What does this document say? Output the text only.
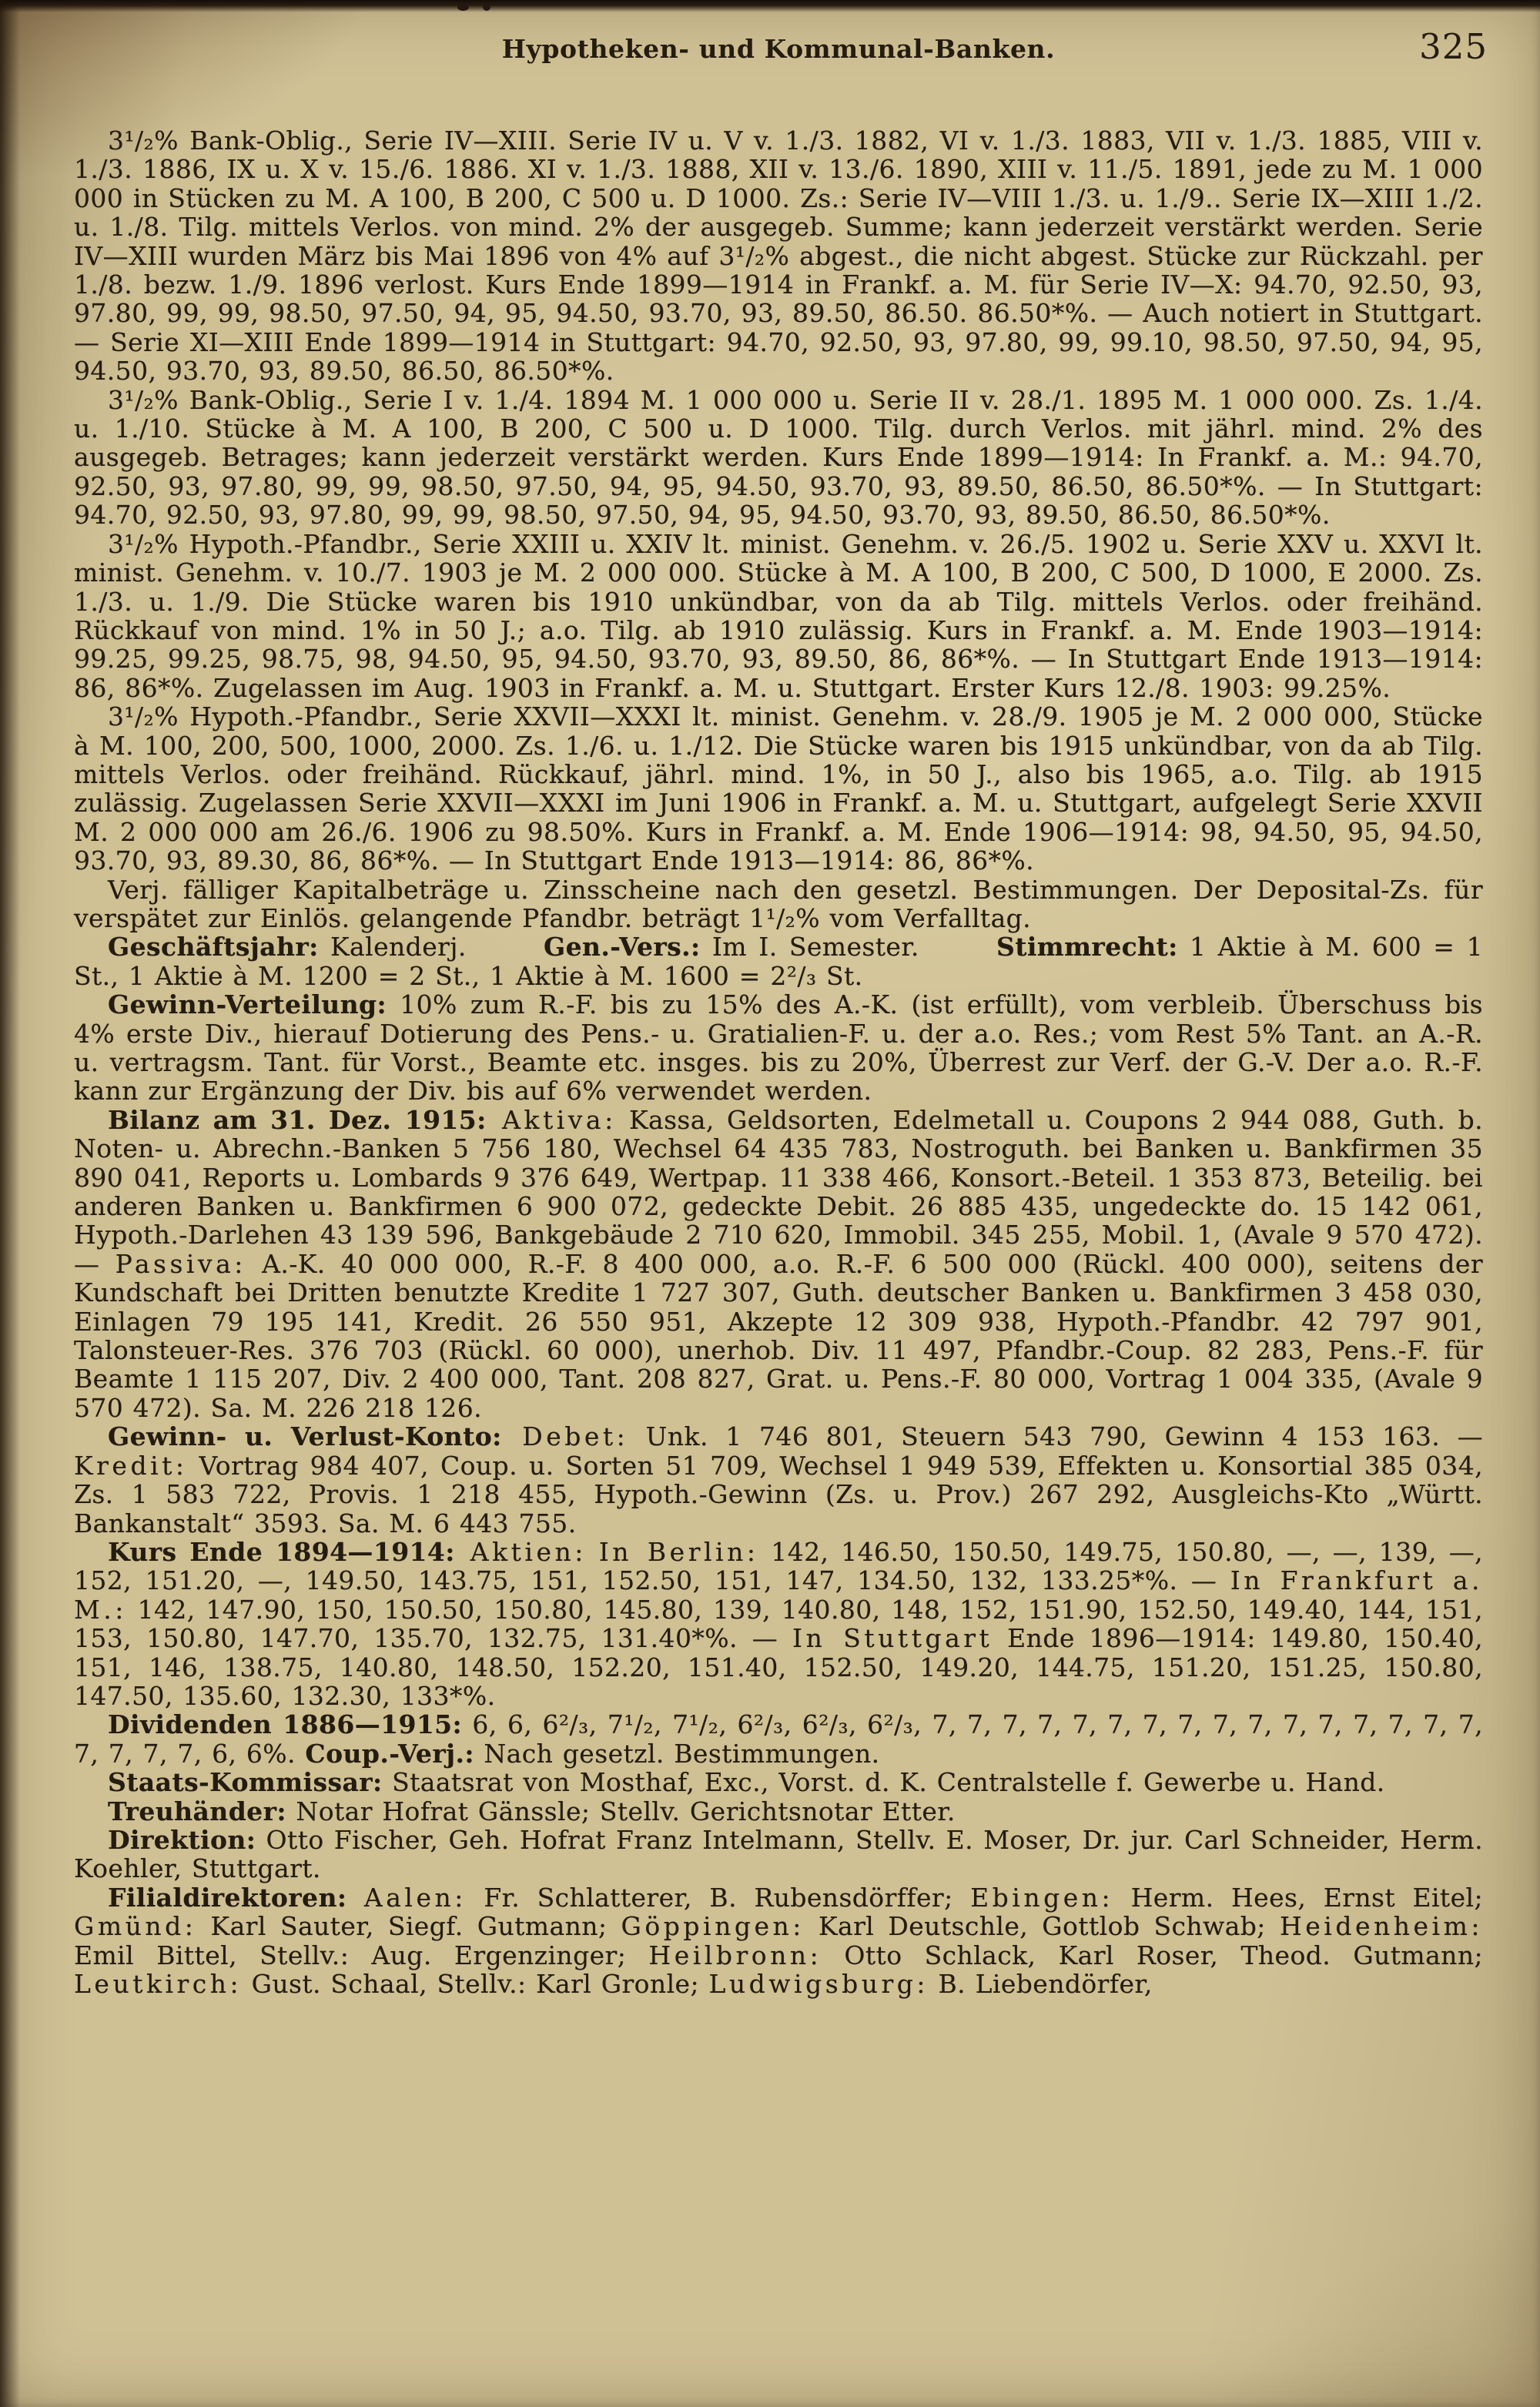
Hypotheken- und Kommunal-Banken.	325

3¹/₂% Bank-Oblig., Serie IV—XIII. Serie IV u. V v. 1./3. 1882, VI v. 1./3. 1883, VII v. 1./3. 1885, VIII v. 1./3. 1886, IX u. X v. 15./6. 1886. XI v. 1./3. 1888, XII v. 13./6. 1890, XIII v. 11./5. 1891, jede zu M. 1 000 000 in Stücken zu M. A 100, B 200, C 500 u. D 1000. Zs.: Serie IV—VIII 1./3. u. 1./9.. Serie IX—XIII 1./2. u. 1./8. Tilg. mittels Verlos. von mind. 2% der ausgegeb. Summe; kann jederzeit verstärkt werden. Serie IV—XIII wurden März bis Mai 1896 von 4% auf 3¹/₂% abgest., die nicht abgest. Stücke zur Rückzahl. per 1./8. bezw. 1./9. 1896 verlost. Kurs Ende 1899—1914 in Frankf. a. M. für Serie IV—X: 94.70, 92.50, 93, 97.80, 99, 99, 98.50, 97.50, 94, 95, 94.50, 93.70, 93, 89.50, 86.50. 86.50*%. — Auch notiert in Stuttgart. — Serie XI—XIII Ende 1899—1914 in Stuttgart: 94.70, 92.50, 93, 97.80, 99, 99.10, 98.50, 97.50, 94, 95, 94.50, 93.70, 93, 89.50, 86.50, 86.50*%.

3¹/₂% Bank-Oblig., Serie I v. 1./4. 1894 M. 1 000 000 u. Serie II v. 28./1. 1895 M. 1 000 000. Zs. 1./4. u. 1./10. Stücke à M. A 100, B 200, C 500 u. D 1000. Tilg. durch Verlos. mit jährl. mind. 2% des ausgegeb. Betrages; kann jederzeit verstärkt werden. Kurs Ende 1899—1914: In Frankf. a. M.: 94.70, 92.50, 93, 97.80, 99, 99, 98.50, 97.50, 94, 95, 94.50, 93.70, 93, 89.50, 86.50, 86.50*%. — In Stuttgart: 94.70, 92.50, 93, 97.80, 99, 99, 98.50, 97.50, 94, 95, 94.50, 93.70, 93, 89.50, 86.50, 86.50*%.

3¹/₂% Hypoth.-Pfandbr., Serie XXIII u. XXIV lt. minist. Genehm. v. 26./5. 1902 u. Serie XXV u. XXVI lt. minist. Genehm. v. 10./7. 1903 je M. 2 000 000. Stücke à M. A 100, B 200, C 500, D 1000, E 2000. Zs. 1./3. u. 1./9. Die Stücke waren bis 1910 unkündbar, von da ab Tilg. mittels Verlos. oder freihänd. Rückkauf von mind. 1% in 50 J.; a.o. Tilg. ab 1910 zulässig. Kurs in Frankf. a. M. Ende 1903—1914: 99.25, 99.25, 98.75, 98, 94.50, 95, 94.50, 93.70, 93, 89.50, 86, 86*%. — In Stuttgart Ende 1913—1914: 86, 86*%. Zugelassen im Aug. 1903 in Frankf. a. M. u. Stuttgart. Erster Kurs 12./8. 1903: 99.25%.

3¹/₂% Hypoth.-Pfandbr., Serie XXVII—XXXI lt. minist. Genehm. v. 28./9. 1905 je M. 2 000 000, Stücke à M. 100, 200, 500, 1000, 2000. Zs. 1./6. u. 1./12. Die Stücke waren bis 1915 unkündbar, von da ab Tilg. mittels Verlos. oder freihänd. Rückkauf, jährl. mind. 1%, in 50 J., also bis 1965, a.o. Tilg. ab 1915 zulässig. Zugelassen Serie XXVII—XXXI im Juni 1906 in Frankf. a. M. u. Stuttgart, aufgelegt Serie XXVII M. 2 000 000 am 26./6. 1906 zu 98.50%. Kurs in Frankf. a. M. Ende 1906—1914: 98, 94.50, 95, 94.50, 93.70, 93, 89.30, 86, 86*%. — In Stuttgart Ende 1913—1914: 86, 86*%.

Verj. fälliger Kapitalbeträge u. Zinsscheine nach den gesetzl. Bestimmungen. Der Deposital-Zs. für verspätet zur Einlös. gelangende Pfandbr. beträgt 1¹/₂% vom Verfalltag.

Geschäftsjahr: Kalenderj.   Gen.-Vers.: Im I. Semester.   Stimmrecht: 1 Aktie à M. 600 = 1 St., 1 Aktie à M. 1200 = 2 St., 1 Aktie à M. 1600 = 2²/₃ St.

Gewinn-Verteilung: 10% zum R.-F. bis zu 15% des A.-K. (ist erfüllt), vom verbleib. Überschuss bis 4% erste Div., hierauf Dotierung des Pens.- u. Gratialien-F. u. der a.o. Res.; vom Rest 5% Tant. an A.-R. u. vertragsm. Tant. für Vorst., Beamte etc. insges. bis zu 20%, Überrest zur Verf. der G.-V. Der a.o. R.-F. kann zur Ergänzung der Div. bis auf 6% verwendet werden.

Bilanz am 31. Dez. 1915: Aktiva: Kassa, Geldsorten, Edelmetall u. Coupons 2 944 088, Guth. b. Noten- u. Abrechn.-Banken 5 756 180, Wechsel 64 435 783, Nostroguth. bei Banken u. Bankfirmen 35 890 041, Reports u. Lombards 9 376 649, Wertpap. 11 338 466, Konsort.-Beteil. 1 353 873, Beteilig. bei anderen Banken u. Bankfirmen 6 900 072, gedeckte Debit. 26 885 435, ungedeckte do. 15 142 061, Hypoth.-Darlehen 43 139 596, Bankgebäude 2 710 620, Immobil. 345 255, Mobil. 1, (Avale 9 570 472). — Passiva: A.-K. 40 000 000, R.-F. 8 400 000, a.o. R.-F. 6 500 000 (Rückl. 400 000), seitens der Kundschaft bei Dritten benutzte Kredite 1 727 307, Guth. deutscher Banken u. Bankfirmen 3 458 030, Einlagen 79 195 141, Kredit. 26 550 951, Akzepte 12 309 938, Hypoth.-Pfandbr. 42 797 901, Talonsteuer-Res. 376 703 (Rückl. 60 000), unerhob. Div. 11 497, Pfandbr.-Coup. 82 283, Pens.-F. für Beamte 1 115 207, Div. 2 400 000, Tant. 208 827, Grat. u. Pens.-F. 80 000, Vortrag 1 004 335, (Avale 9 570 472). Sa. M. 226 218 126.

Gewinn- u. Verlust-Konto: Debet: Unk. 1 746 801, Steuern 543 790, Gewinn 4 153 163. — Kredit: Vortrag 984 407, Coup. u. Sorten 51 709, Wechsel 1 949 539, Effekten u. Konsortial 385 034, Zs. 1 583 722, Provis. 1 218 455, Hypoth.-Gewinn (Zs. u. Prov.) 267 292, Ausgleichs-Kto „Württ. Bankanstalt“ 3593. Sa. M. 6 443 755.

Kurs Ende 1894—1914: Aktien: In Berlin: 142, 146.50, 150.50, 149.75, 150.80, —, —, 139, —, 152, 151.20, —, 149.50, 143.75, 151, 152.50, 151, 147, 134.50, 132, 133.25*%. — In Frankfurt a. M.: 142, 147.90, 150, 150.50, 150.80, 145.80, 139, 140.80, 148, 152, 151.90, 152.50, 149.40, 144, 151, 153, 150.80, 147.70, 135.70, 132.75, 131.40*%. — In Stuttgart Ende 1896—1914: 149.80, 150.40, 151, 146, 138.75, 140.80, 148.50, 152.20, 151.40, 152.50, 149.20, 144.75, 151.20, 151.25, 150.80, 147.50, 135.60, 132.30, 133*%.

Dividenden 1886—1915: 6, 6, 6²/₃, 7¹/₂, 7¹/₂, 6²/₃, 6²/₃, 6²/₃, 7, 7, 7, 7, 7, 7, 7, 7, 7, 7, 7, 7, 7, 7, 7, 7, 7, 7, 7, 7, 6, 6%. Coup.-Verj.: Nach gesetzl. Bestimmungen.

Staats-Kommissar: Staatsrat von Mosthaf, Exc., Vorst. d. K. Centralstelle f. Gewerbe u. Hand.

Treuhänder: Notar Hofrat Gänssle; Stellv. Gerichtsnotar Etter.

Direktion: Otto Fischer, Geh. Hofrat Franz Intelmann, Stellv. E. Moser, Dr. jur. Carl Schneider, Herm. Koehler, Stuttgart.

Filialdirektoren: Aalen: Fr. Schlatterer, B. Rubensdörffer; Ebingen: Herm. Hees, Ernst Eitel; Gmünd: Karl Sauter, Siegf. Gutmann; Göppingen: Karl Deutschle, Gottlob Schwab; Heidenheim: Emil Bittel, Stellv.: Aug. Ergenzinger; Heilbronn: Otto Schlack, Karl Roser, Theod. Gutmann; Leutkirch: Gust. Schaal, Stellv.: Karl Gronle; Ludwigsburg: B. Liebendörfer,
